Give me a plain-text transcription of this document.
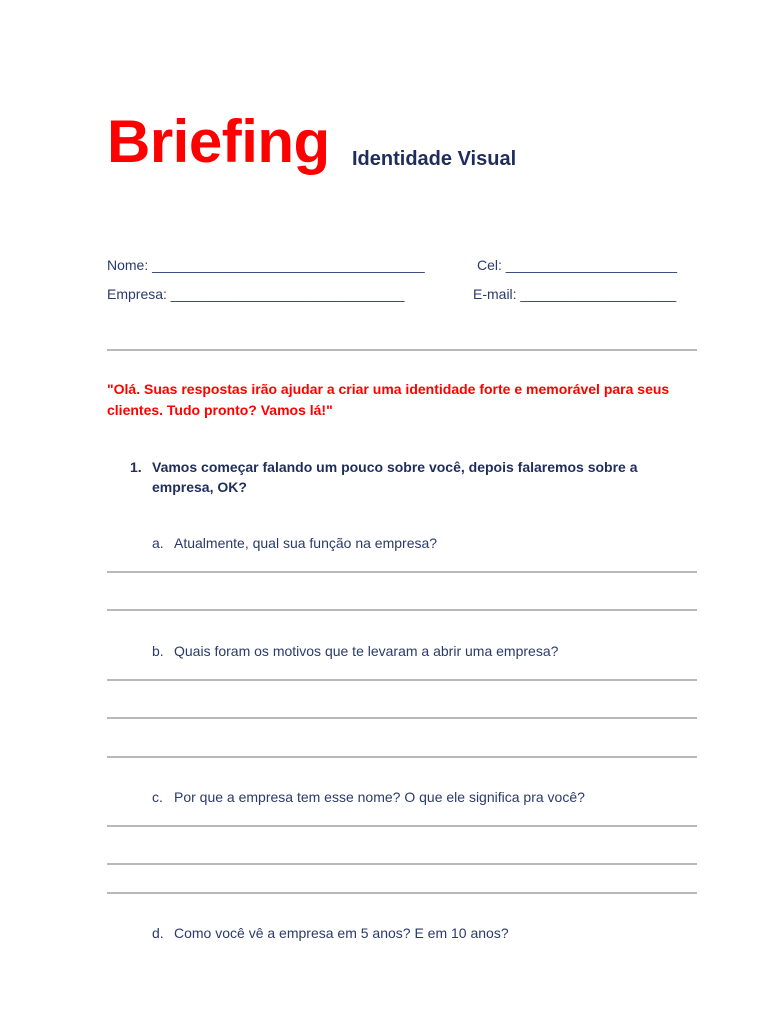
Briefing Identidade Visual
Nome: ___________________________________	Cel: ______________________
Empresa: ______________________________	E-mail: ____________________
"Olá. Suas respostas irão ajudar a criar uma identidade forte e memorável para seus clientes. Tudo pronto? Vamos lá!"
1. Vamos começar falando um pouco sobre você, depois falaremos sobre a empresa, OK?
a. Atualmente, qual sua função na empresa?
b. Quais foram os motivos que te levaram a abrir uma empresa?
c. Por que a empresa tem esse nome? O que ele significa pra você?
d. Como você vê a empresa em 5 anos? E em 10 anos?
